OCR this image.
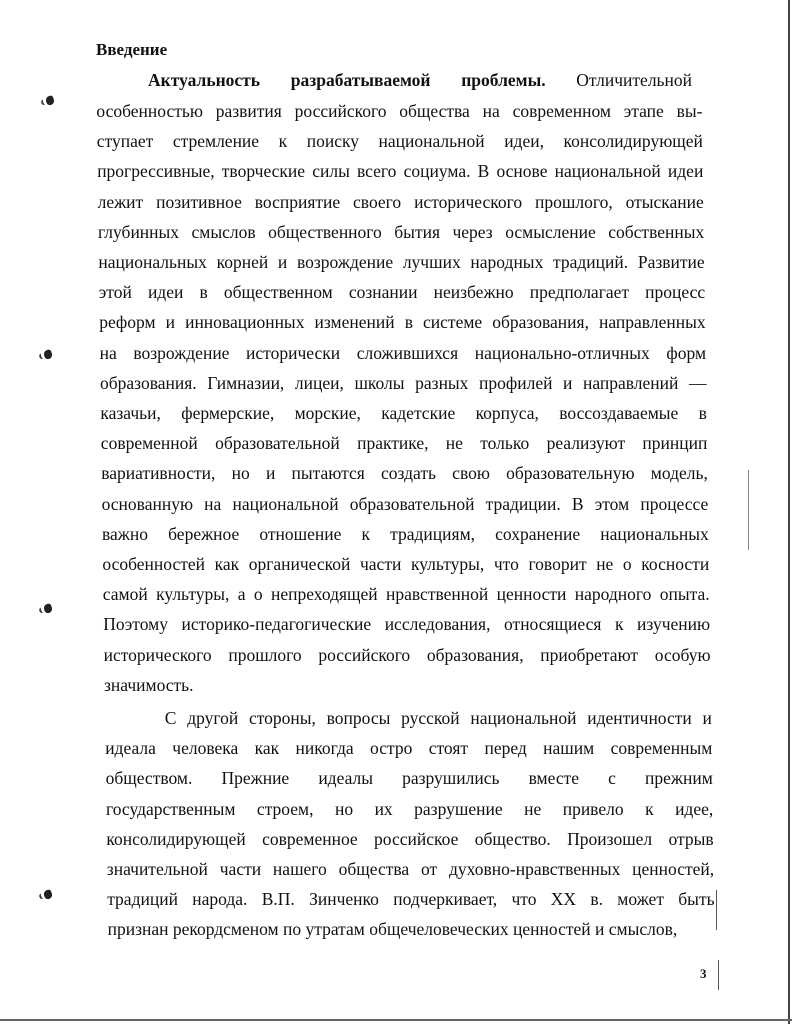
Введение
Актуальность разрабатываемой проблемы. Отличительной
особенностью развития российского общества на современном этапе вы-
ступает стремление к поиску национальной идеи, консолидирующей
прогрессивные, творческие силы всего социума. В основе национальной идеи
лежит позитивное восприятие своего исторического прошлого, отыскание
глубинных смыслов общественного бытия через осмысление собственных
национальных корней и возрождение лучших народных традиций. Развитие
этой идеи в общественном сознании неизбежно предполагает процесс
реформ и инновационных изменений в системе образования, направленных
на возрождение исторически сложившихся национально-отличных форм
образования. Гимназии, лицеи, школы разных профилей и направлений —
казачьи, фермерские, морские, кадетские корпуса, воссоздаваемые в
современной образовательной практике, не только реализуют принцип
вариативности, но и пытаются создать свою образовательную модель,
основанную на национальной образовательной традиции. В этом процессе
важно бережное отношение к традициям, сохранение национальных
особенностей как органической части культуры, что говорит не о косности
самой культуры, а о непреходящей нравственной ценности народного опыта.
Поэтому историко-педагогические исследования, относящиеся к изучению
исторического прошлого российского образования, приобретают особую
значимость.
С другой стороны, вопросы русской национальной идентичности и
идеала человека как никогда остро стоят перед нашим современным
обществом. Прежние идеалы разрушились вместе с прежним
государственным строем, но их разрушение не привело к идее,
консолидирующей современное российское общество. Произошел отрыв
значительной части нашего общества от духовно-нравственных ценностей,
традиций народа. В.П. Зинченко подчеркивает, что XX в. может быть
признан рекордсменом по утратам общечеловеческих ценностей и смыслов,
3
